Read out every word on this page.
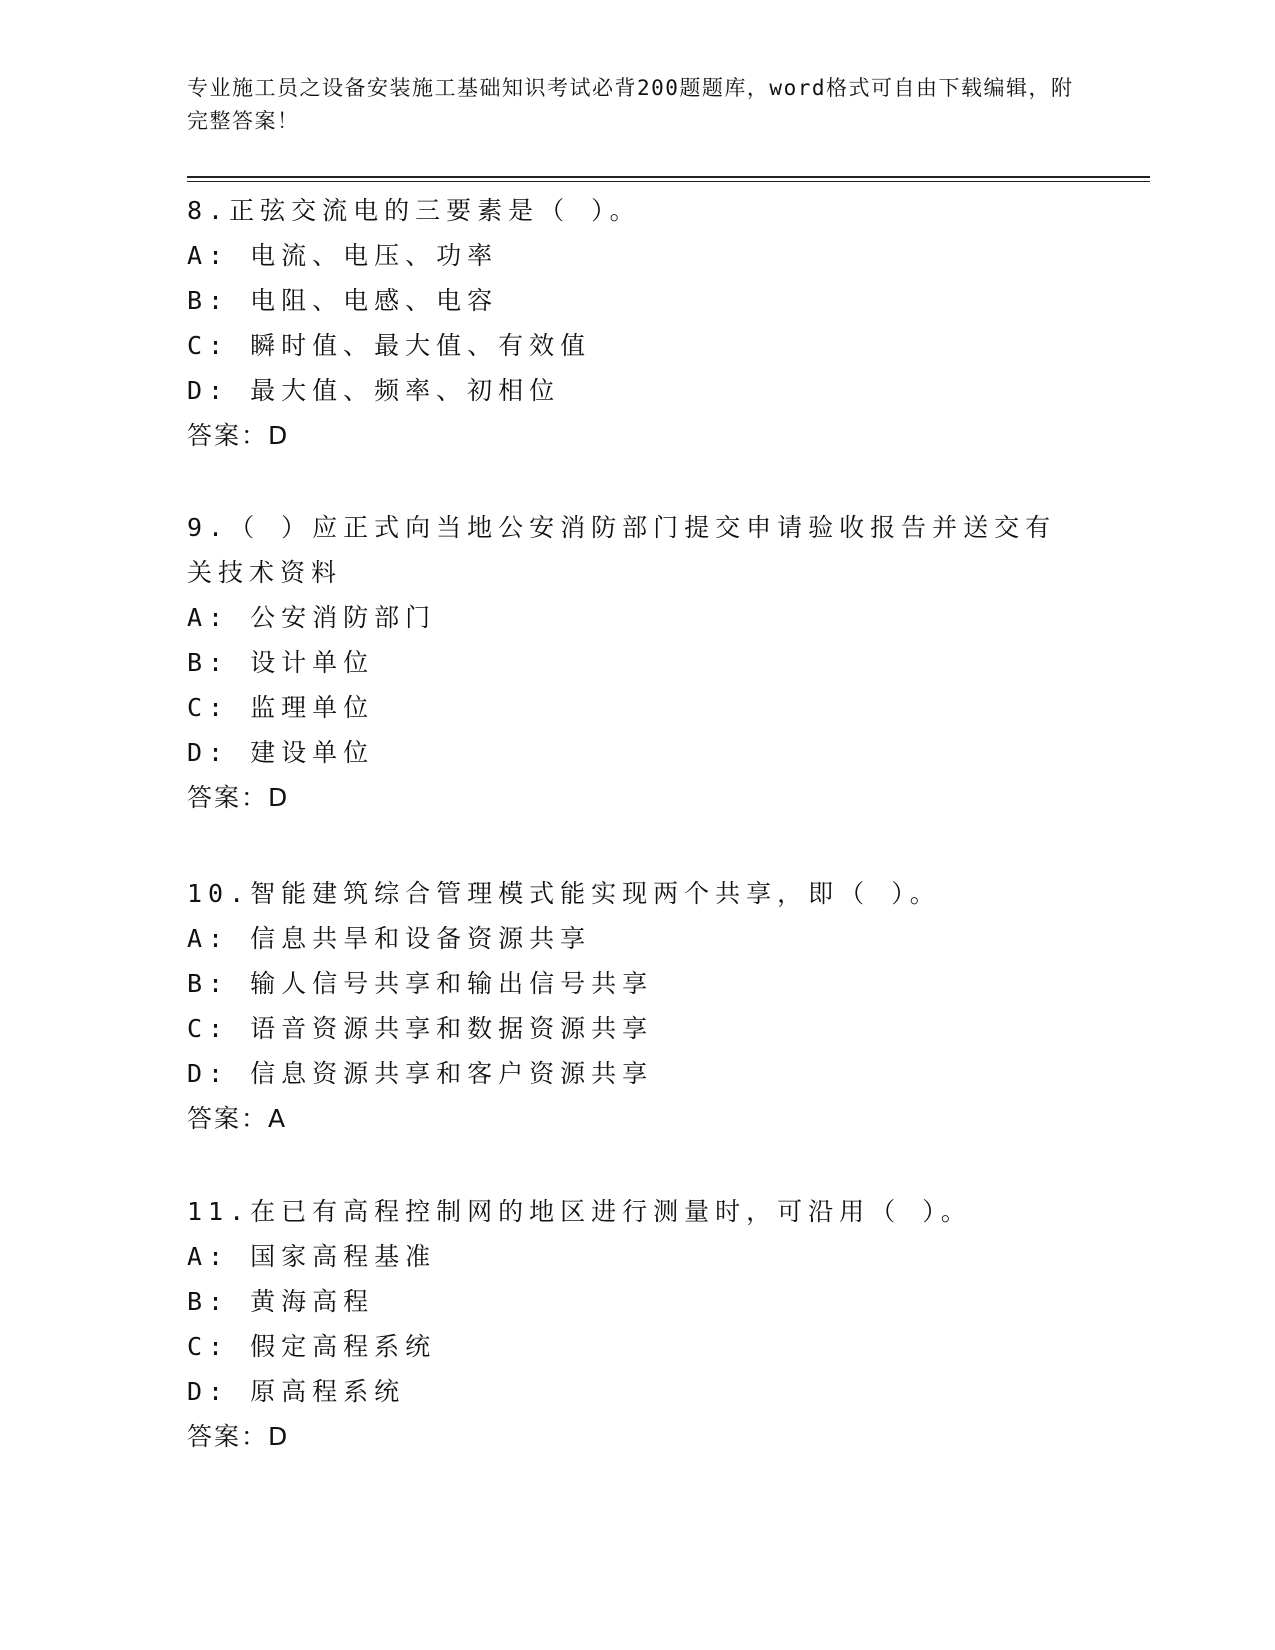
专业施工员之设备安装施工基础知识考试必背200题题库，word格式可自由下载编辑，附完整答案！
8.正弦交流电的三要素是（ ）。
A: 电流、电压、功率
B: 电阻、电感、电容
C: 瞬时值、最大值、有效值
D: 最大值、频率、初相位
答案：D
9.（ ）应正式向当地公安消防部门提交申请验收报告并送交有关技术资料
A: 公安消防部门
B: 设计单位
C: 监理单位
D: 建设单位
答案：D
10.智能建筑综合管理模式能实现两个共享，即（ ）。
A: 信息共旱和设备资源共享
B: 输人信号共享和输出信号共享
C: 语音资源共享和数据资源共享
D: 信息资源共享和客户资源共享
答案：A
11.在已有高程控制网的地区进行测量时，可沿用（ ）。
A: 国家高程基准
B: 黄海高程
C: 假定高程系统
D: 原高程系统
答案：D
